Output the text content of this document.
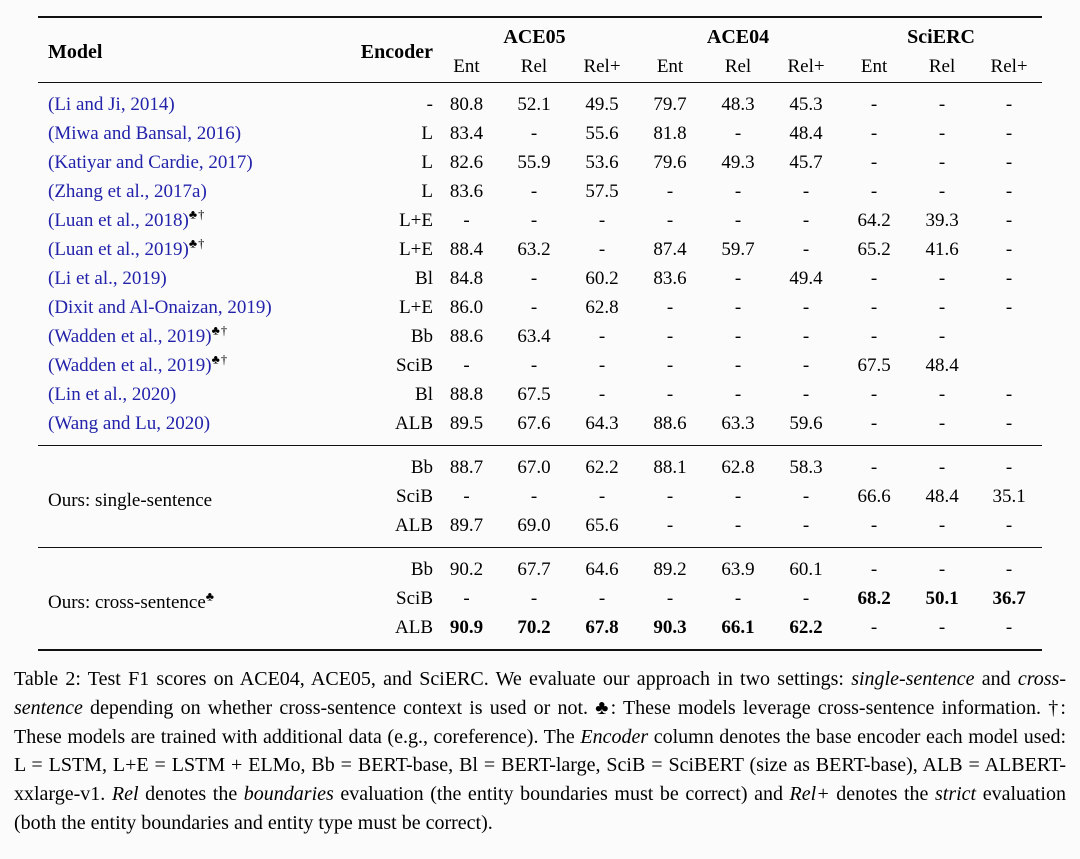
Model	Encoder	ACE05			ACE04			SciERC		
		Ent	Rel	Rel+	Ent	Rel	Rel+	Ent	Rel	Rel+
(Li and Ji, 2014)	-	80.8	52.1	49.5	79.7	48.3	45.3	-	-	-
(Miwa and Bansal, 2016)	L	83.4	-	55.6	81.8	-	48.4	-	-	-
(Katiyar and Cardie, 2017)	L	82.6	55.9	53.6	79.6	49.3	45.7	-	-	-
(Zhang et al., 2017a)	L	83.6	-	57.5	-	-	-	-	-	-
(Luan et al., 2018)♣†	L+E	-	-	-	-	-	-	64.2	39.3	-
(Luan et al., 2019)♣†	L+E	88.4	63.2	-	87.4	59.7	-	65.2	41.6	-
(Li et al., 2019)	Bl	84.8	-	60.2	83.6	-	49.4	-	-	-
(Dixit and Al-Onaizan, 2019)	L+E	86.0	-	62.8	-	-	-	-	-	-
(Wadden et al., 2019)♣†	Bb	88.6	63.4	-	-	-	-	-	-	
(Wadden et al., 2019)♣†	SciB	-	-	-	-	-	-	67.5	48.4	
(Lin et al., 2020)	Bl	88.8	67.5	-	-	-	-	-	-	-
(Wang and Lu, 2020)	ALB	89.5	67.6	64.3	88.6	63.3	59.6	-	-	-
Ours: single-sentence	Bb	88.7	67.0	62.2	88.1	62.8	58.3	-	-	-
	SciB	-	-	-	-	-	-	66.6	48.4	35.1
	ALB	89.7	69.0	65.6	-	-	-	-	-	-
Ours: cross-sentence♣	Bb	90.2	67.7	64.6	89.2	63.9	60.1	-	-	-
	SciB	-	-	-	-	-	-	68.2	50.1	36.7
	ALB	90.9	70.2	67.8	90.3	66.1	62.2	-	-	-

Table 2: Test F1 scores on ACE04, ACE05, and SciERC. We evaluate our approach in two settings: single-sentence and cross-sentence depending on whether cross-sentence context is used or not. ♣: These models leverage cross-sentence information. †: These models are trained with additional data (e.g., coreference). The Encoder column denotes the base encoder each model used: L = LSTM, L+E = LSTM + ELMo, Bb = BERT-base, Bl = BERT-large, SciB = SciBERT (size as BERT-base), ALB = ALBERT-xxlarge-v1. Rel denotes the boundaries evaluation (the entity boundaries must be correct) and Rel+ denotes the strict evaluation (both the entity boundaries and entity type must be correct).
